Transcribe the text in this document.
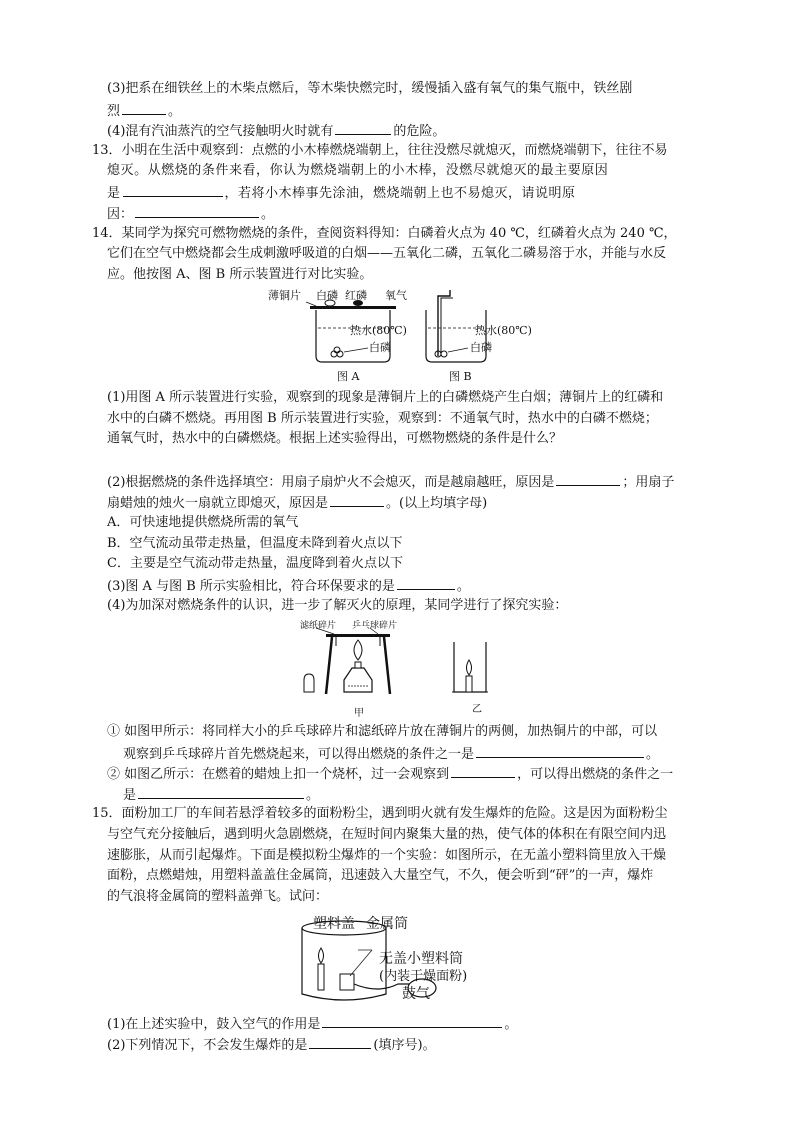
(3)把系在细铁丝上的木柴点燃后，等木柴快燃完时，缓慢插入盛有氧气的集气瓶中，铁丝剧
烈	。
(4)混有汽油蒸汽的空气接触明火时就有	的危险。
13．小明在生活中观察到：点燃的小木棒燃烧端朝上，往往没燃尽就熄灭，而燃烧端朝下，往往不易
熄灭。从燃烧的条件来看，你认为燃烧端朝上的小木棒，没燃尽就熄灭的最主要原因
是	，若将小木棒事先涂油，燃烧端朝上也不易熄灭，请说明原
因：	。
14．某同学为探究可燃物燃烧的条件，查阅资料得知：白磷着火点为 40 ℃，红磷着火点为 240 ℃，
它们在空气中燃烧都会生成刺激呼吸道的白烟——五氧化二磷，五氧化二磷易溶于水，并能与水反
应。他按图 A、图 B 所示装置进行对比实验。
薄铜片 白磷 红磷
热水(80℃)
白磷
图 A
氧气
热水(80℃)
白磷
图 B
(1)用图 A 所示装置进行实验，观察到的现象是薄铜片上的白磷燃烧产生白烟；薄铜片上的红磷和
水中的白磷不燃烧。再用图 B 所示装置进行实验，观察到：不通氧气时，热水中的白磷不燃烧；
通氧气时，热水中的白磷燃烧。根据上述实验得出，可燃物燃烧的条件是什么？
(2)根据燃烧的条件选择填空：用扇子扇炉火不会熄灭，而是越扇越旺，原因是	；用扇子
扇蜡烛的烛火一扇就立即熄灭，原因是	。(以上均填字母)
A．可快速地提供燃烧所需的氧气
B．空气流动虽带走热量，但温度未降到着火点以下
C．主要是空气流动带走热量，温度降到着火点以下
(3)图 A 与图 B 所示实验相比，符合环保要求的是	。
(4)为加深对燃烧条件的认识，进一步了解灭火的原理，某同学进行了探究实验：
滤纸碎片 乒乓球碎片
甲	乙
① 如图甲所示：将同样大小的乒乓球碎片和滤纸碎片放在薄铜片的两侧，加热铜片的中部，可以
观察到乒乓球碎片首先燃烧起来，可以得出燃烧的条件之一是	。
② 如图乙所示：在燃着的蜡烛上扣一个烧杯，过一会观察到	，可以得出燃烧的条件之一
是	。
15．面粉加工厂的车间若悬浮着较多的面粉粉尘，遇到明火就有发生爆炸的危险。这是因为面粉粉尘
与空气充分接触后，遇到明火急剧燃烧，在短时间内聚集大量的热，使气体的体积在有限空间内迅
速膨胀，从而引起爆炸。下面是模拟粉尘爆炸的一个实验：如图所示，在无盖小塑料筒里放入干燥
面粉，点燃蜡烛，用塑料盖盖住金属筒，迅速鼓入大量空气，不久，便会听到“砰”的一声，爆炸
的气浪将金属筒的塑料盖弹飞。试问：
塑料盖 金属筒
无盖小塑料筒
(内装干燥面粉)
鼓气
(1)在上述实验中，鼓入空气的作用是	。
(2)下列情况下，不会发生爆炸的是	(填序号)。
